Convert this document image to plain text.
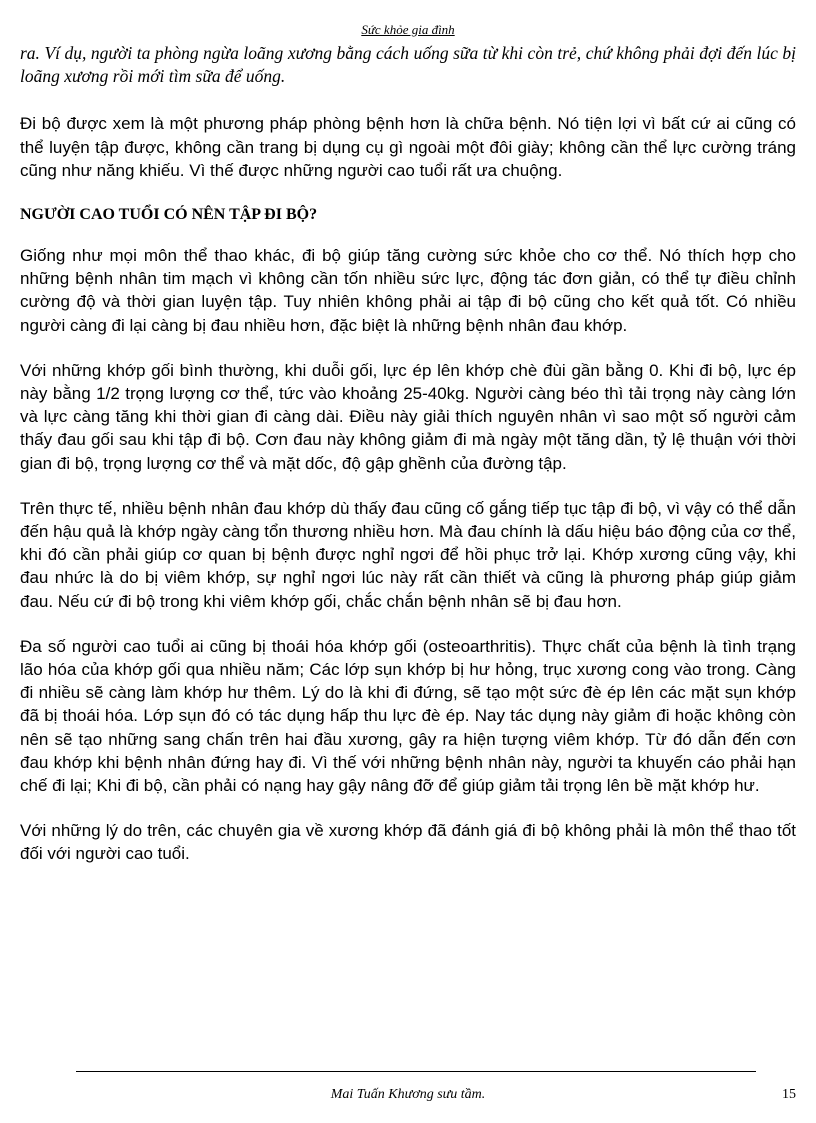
Sức khỏe gia đình

ra. Ví dụ, người ta phòng ngừa loãng xương bằng cách uống sữa từ khi còn trẻ, chứ không phải đợi đến lúc bị loãng xương rồi mới tìm sữa để uống.

Đi bộ được xem là một phương pháp phòng bệnh hơn là chữa bệnh. Nó tiện lợi vì bất cứ ai cũng có thể luyện tập được, không cần trang bị dụng cụ gì ngoài một đôi giày; không cần thể lực cường tráng cũng như năng khiếu. Vì thế được những người cao tuổi rất ưa chuộng.

NGƯỜI CAO TUỔI CÓ NÊN TẬP ĐI BỘ?

Giống như mọi môn thể thao khác, đi bộ giúp tăng cường sức khỏe cho cơ thể. Nó thích hợp cho những bệnh nhân tim mạch vì không cần tốn nhiều sức lực, động tác đơn giản, có thể tự điều chỉnh cường độ và thời gian luyện tập. Tuy nhiên không phải ai tập đi bộ cũng cho kết quả tốt. Có nhiều người càng đi lại càng bị đau nhiều hơn, đặc biệt là những bệnh nhân đau khớp.

Với những khớp gối bình thường, khi duỗi gối, lực ép lên khớp chè đùi gần bằng 0. Khi đi bộ, lực ép này bằng 1/2 trọng lượng cơ thể, tức vào khoảng 25-40kg. Người càng béo thì tải trọng này càng lớn và lực càng tăng khi thời gian đi càng dài. Điều này giải thích nguyên nhân vì sao một số người cảm thấy đau gối sau khi tập đi bộ. Cơn đau này không giảm đi mà ngày một tăng dần, tỷ lệ thuận với thời gian đi bộ, trọng lượng cơ thể và mặt dốc, độ gập ghềnh của đường tập.

Trên thực tế, nhiều bệnh nhân đau khớp dù thấy đau cũng cố gắng tiếp tục tập đi bộ, vì vậy có thể dẫn đến hậu quả là khớp ngày càng tổn thương nhiều hơn. Mà đau chính là dấu hiệu báo động của cơ thể, khi đó cần phải giúp cơ quan bị bệnh được nghỉ ngơi để hồi phục trở lại. Khớp xương cũng vậy, khi đau nhức là do bị viêm khớp, sự nghỉ ngơi lúc này rất cần thiết và cũng là phương pháp giúp giảm đau. Nếu cứ đi bộ trong khi viêm khớp gối, chắc chắn bệnh nhân sẽ bị đau hơn.

Đa số người cao tuổi ai cũng bị thoái hóa khớp gối (osteoarthritis). Thực chất của bệnh là tình trạng lão hóa của khớp gối qua nhiều năm; Các lớp sụn khớp bị hư hỏng, trục xương cong vào trong. Càng đi nhiều sẽ càng làm khớp hư thêm. Lý do là khi đi đứng, sẽ tạo một sức đè ép lên các mặt sụn khớp đã bị thoái hóa. Lớp sụn đó có tác dụng hấp thu lực đè ép. Nay tác dụng này giảm đi hoặc không còn nên sẽ tạo những sang chấn trên hai đầu xương, gây ra hiện tượng viêm khớp. Từ đó dẫn đến cơn đau khớp khi bệnh nhân đứng hay đi. Vì thế với những bệnh nhân này, người ta khuyến cáo phải hạn chế đi lại; Khi đi bộ, cần phải có nạng hay gậy nâng đỡ để giúp giảm tải trọng lên bề mặt khớp hư.

Với những lý do trên, các chuyên gia về xương khớp đã đánh giá đi bộ không phải là môn thể thao tốt đối với người cao tuổi.

Mai Tuấn Khương sưu tầm.	15
